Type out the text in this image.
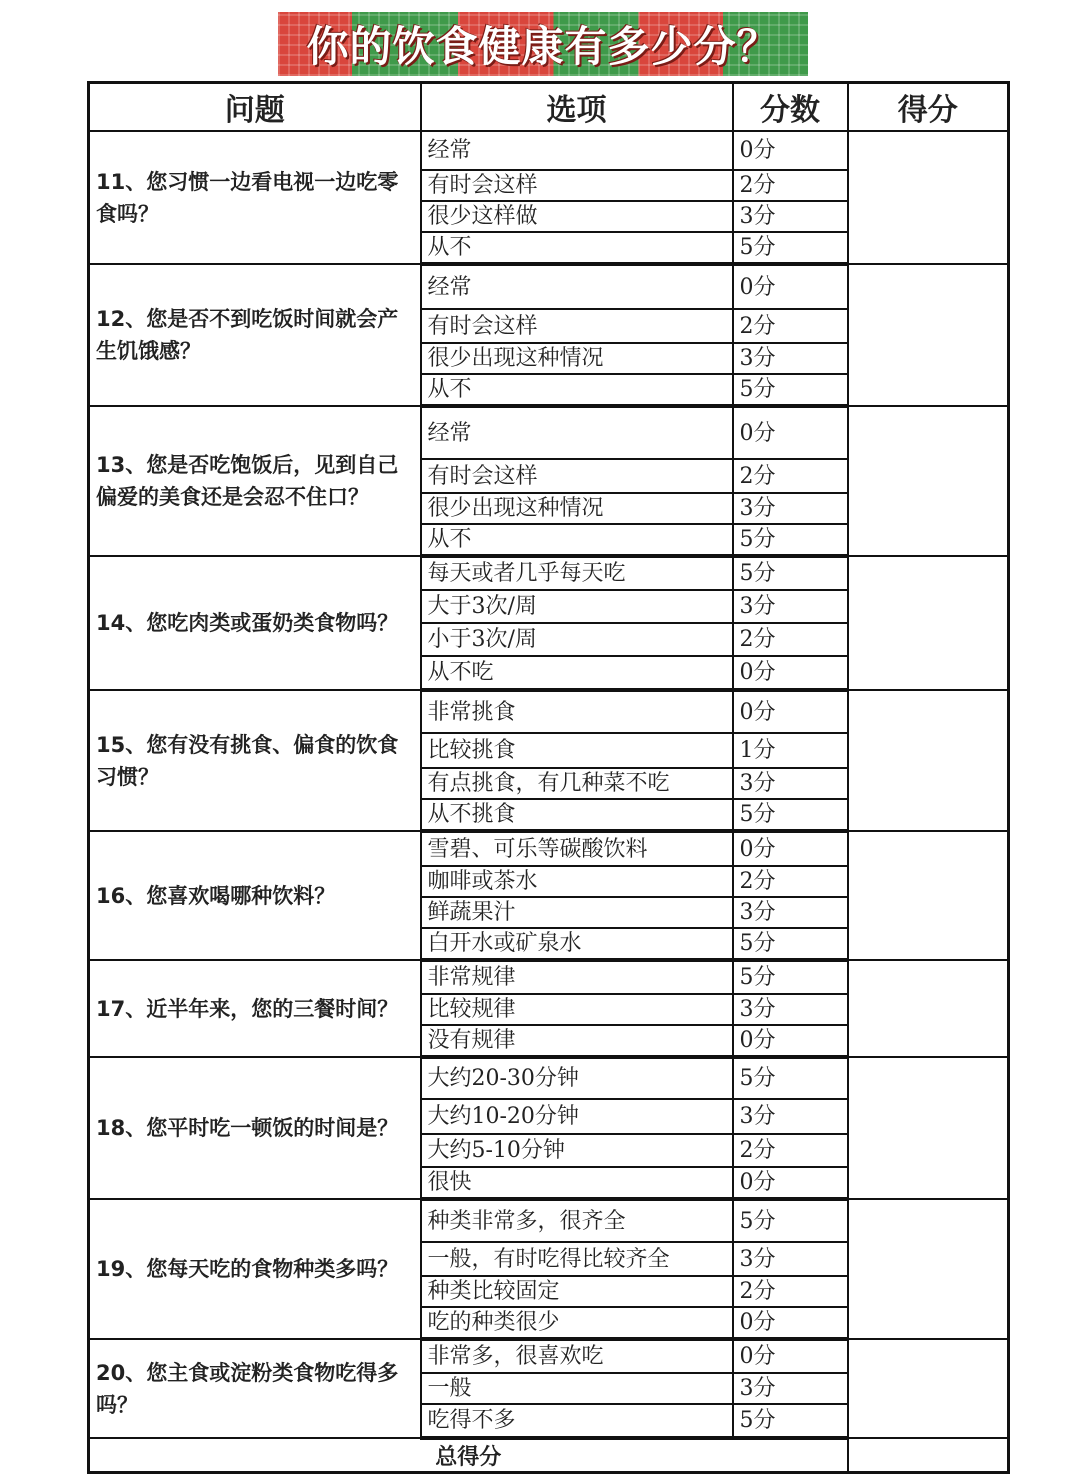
你的饮食健康有多少分？
问题	选项	分数	得分
11、您习惯一边看电视一边吃零食吗？	经常	0分	
	有时会这样	2分	
	很少这样做	3分	
	从不	5分	
12、您是否不到吃饭时间就会产生饥饿感？	经常	0分	
	有时会这样	2分	
	很少出现这种情况	3分	
	从不	5分	
13、您是否吃饱饭后，见到自己偏爱的美食还是会忍不住口？	经常	0分	
	有时会这样	2分	
	很少出现这种情况	3分	
	从不	5分	
14、您吃肉类或蛋奶类食物吗？	每天或者几乎每天吃	5分	
	大于3次/周	3分	
	小于3次/周	2分	
	从不吃	0分	
15、您有没有挑食、偏食的饮食习惯？	非常挑食	0分	
	比较挑食	1分	
	有点挑食，有几种菜不吃	3分	
	从不挑食	5分	
16、您喜欢喝哪种饮料？	雪碧、可乐等碳酸饮料	0分	
	咖啡或茶水	2分	
	鲜蔬果汁	3分	
	白开水或矿泉水	5分	
17、近半年来，您的三餐时间？	非常规律	5分	
	比较规律	3分	
	没有规律	0分	
18、您平时吃一顿饭的时间是？	大约20-30分钟	5分	
	大约10-20分钟	3分	
	大约5-10分钟	2分	
	很快	0分	
19、您每天吃的食物种类多吗？	种类非常多，很齐全	5分	
	一般，有时吃得比较齐全	3分	
	种类比较固定	2分	
	吃的种类很少	0分	
20、您主食或淀粉类食物吃得多吗？	非常多，很喜欢吃	0分	
	一般	3分	
	吃得不多	5分	
总得分			
